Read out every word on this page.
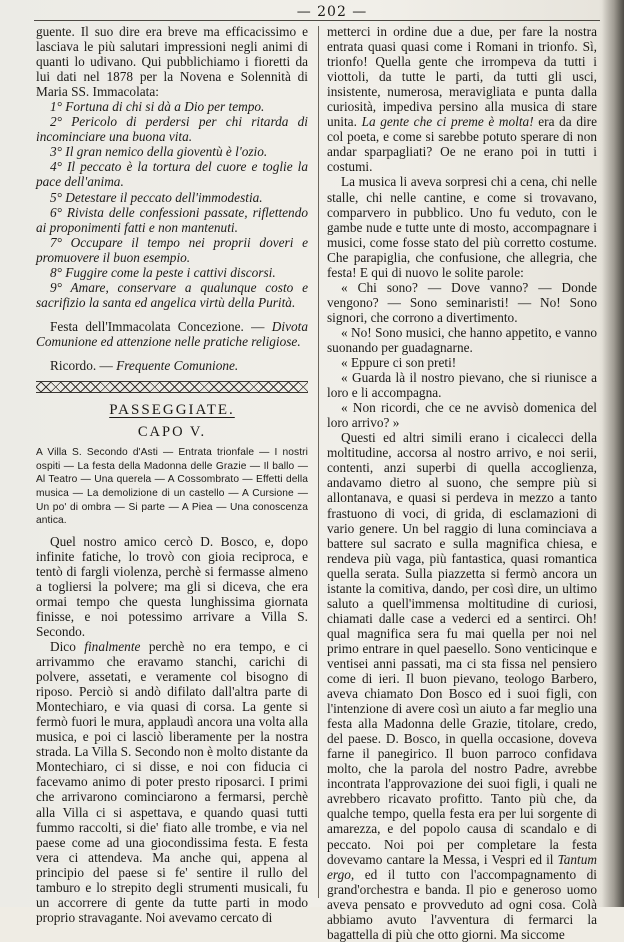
— 202 —

guente. Il suo dire era breve ma efficacissimo e lasciava le più salutari impressioni negli animi di quanti lo udivano. Qui pubblichiamo i fioretti da lui dati nel 1878 per la Novena e Solennità di Maria SS. Immacolata:

1° Fortuna di chi si dà a Dio per tempo.

2° Pericolo di perdersi per chi ritarda di incominciare una buona vita.

3° Il gran nemico della gioventù è l'ozio.

4° Il peccato è la tortura del cuore e toglie la pace dell'anima.

5° Detestare il peccato dell'immodestia.

6° Rivista delle confessioni passate, riflettendo ai proponimenti fatti e non mantenuti.

7° Occupare il tempo nei proprii doveri e promuovere il buon esempio.

8° Fuggire come la peste i cattivi discorsi.

9° Amare, conservare a qualunque costo e sacrifizio la santa ed angelica virtù della Purità.

Festa dell'Immacolata Concezione. — Divota Comunione ed attenzione nelle pratiche religiose.

Ricordo. — Frequente Comunione.

PASSEGGIATE.
CAPO V.

A Villa S. Secondo d'Asti — Entrata trionfale — I nostri ospiti — La festa della Madonna delle Grazie — Il ballo — Al Teatro — Una querela — A Cossombrato — Effetti della musica — La demolizione di un castello — A Cursione — Un po' di ombra — Si parte — A Piea — Una conoscenza antica.

Quel nostro amico cercò D. Bosco, e, dopo infinite fatiche, lo trovò con gioia reciproca, e tentò di fargli violenza, perchè si fermasse almeno a togliersi la polvere; ma gli si diceva, che era ormai tempo che questa lunghissima giornata finisse, e noi potessimo arrivare a Villa S. Secondo.

Dico finalmente perchè no era tempo, e ci arrivammo che eravamo stanchi, carichi di polvere, assetati, e veramente col bisogno di riposo. Perciò si andò difilato dall'altra parte di Montechiaro, e via quasi di corsa. La gente si fermò fuori le mura, applaudì ancora una volta alla musica, e poi ci lasciò liberamente per la nostra strada. La Villa S. Secondo non è molto distante da Montechiaro, ci si disse, e noi con fiducia ci facevamo animo di poter presto riposarci. I primi che arrivarono cominciarono a fermarsi, perchè alla Villa ci si aspettava, e quando quasi tutti fummo raccolti, si die' fiato alle trombe, e via nel paese come ad una giocondissima festa. E festa vera ci attendeva. Ma anche qui, appena al principio del paese si fe' sentire il rullo del tamburo e lo strepito degli strumenti musicali, fu un accorrere di gente da tutte parti in modo proprio stravagante. Noi avevamo cercato di

metterci in ordine due a due, per fare la nostra entrata quasi quasi come i Romani in trionfo. Sì, trionfo! Quella gente che irrompeva da tutti i viottoli, da tutte le parti, da tutti gli usci, insistente, numerosa, meravigliata e punta dalla curiosità, impediva persino alla musica di stare unita. La gente che ci preme è molta! era da dire col poeta, e come si sarebbe potuto sperare di non andar sparpagliati? Oe ne erano poi in tutti i costumi.

La musica li aveva sorpresi chi a cena, chi nelle stalle, chi nelle cantine, e come si trovavano, comparvero in pubblico. Uno fu veduto, con le gambe nude e tutte unte di mosto, accompagnare i musici, come fosse stato del più corretto costume. Che parapiglia, che confusione, che allegria, che festa! E qui di nuovo le solite parole:

« Chi sono? — Dove vanno? — Donde vengono? — Sono seminaristi! — No! Sono signori, che corrono a divertimento.

« No! Sono musici, che hanno appetito, e vanno suonando per guadagnarne.

« Eppure ci son preti!

« Guarda là il nostro pievano, che si riunisce a loro e li accompagna.

« Non ricordi, che ce ne avvisò domenica del loro arrivo? »

Questi ed altri simili erano i cicalecci della moltitudine, accorsa al nostro arrivo, e noi serii, contenti, anzi superbi di quella accoglienza, andavamo dietro al suono, che sempre più si allontanava, e quasi si perdeva in mezzo a tanto frastuono di voci, di grida, di esclamazioni di vario genere. Un bel raggio di luna cominciava a battere sul sacrato e sulla magnifica chiesa, e rendeva più vaga, più fantastica, quasi romantica quella serata. Sulla piazzetta si fermò ancora un istante la comitiva, dando, per così dire, un ultimo saluto a quell'immensa moltitudine di curiosi, chiamati dalle case a vederci ed a sentirci. Oh! qual magnifica sera fu mai quella per noi nel primo entrare in quel paesello. Sono venticinque e ventisei anni passati, ma ci sta fissa nel pensiero come di ieri. Il buon pievano, teologo Barbero, aveva chiamato Don Bosco ed i suoi figli, con l'intenzione di avere così un aiuto a far meglio una festa alla Madonna delle Grazie, titolare, credo, del paese. D. Bosco, in quella occasione, doveva farne il panegirico. Il buon parroco confidava molto, che la parola del nostro Padre, avrebbe incontrata l'approvazione dei suoi figli, i quali ne avrebbero ricavato profitto. Tanto più che, da qualche tempo, quella festa era per lui sorgente di amarezza, e del popolo causa di scandalo e di peccato. Noi poi per completare la festa dovevamo cantare la Messa, i Vespri ed il Tantum ergo, ed il tutto con l'accompagnamento di grand'orchestra e banda. Il pio e generoso uomo aveva pensato e provveduto ad ogni cosa. Colà abbiamo avuto l'avventura di fermarci la bagattella di più che otto giorni. Ma siccome
